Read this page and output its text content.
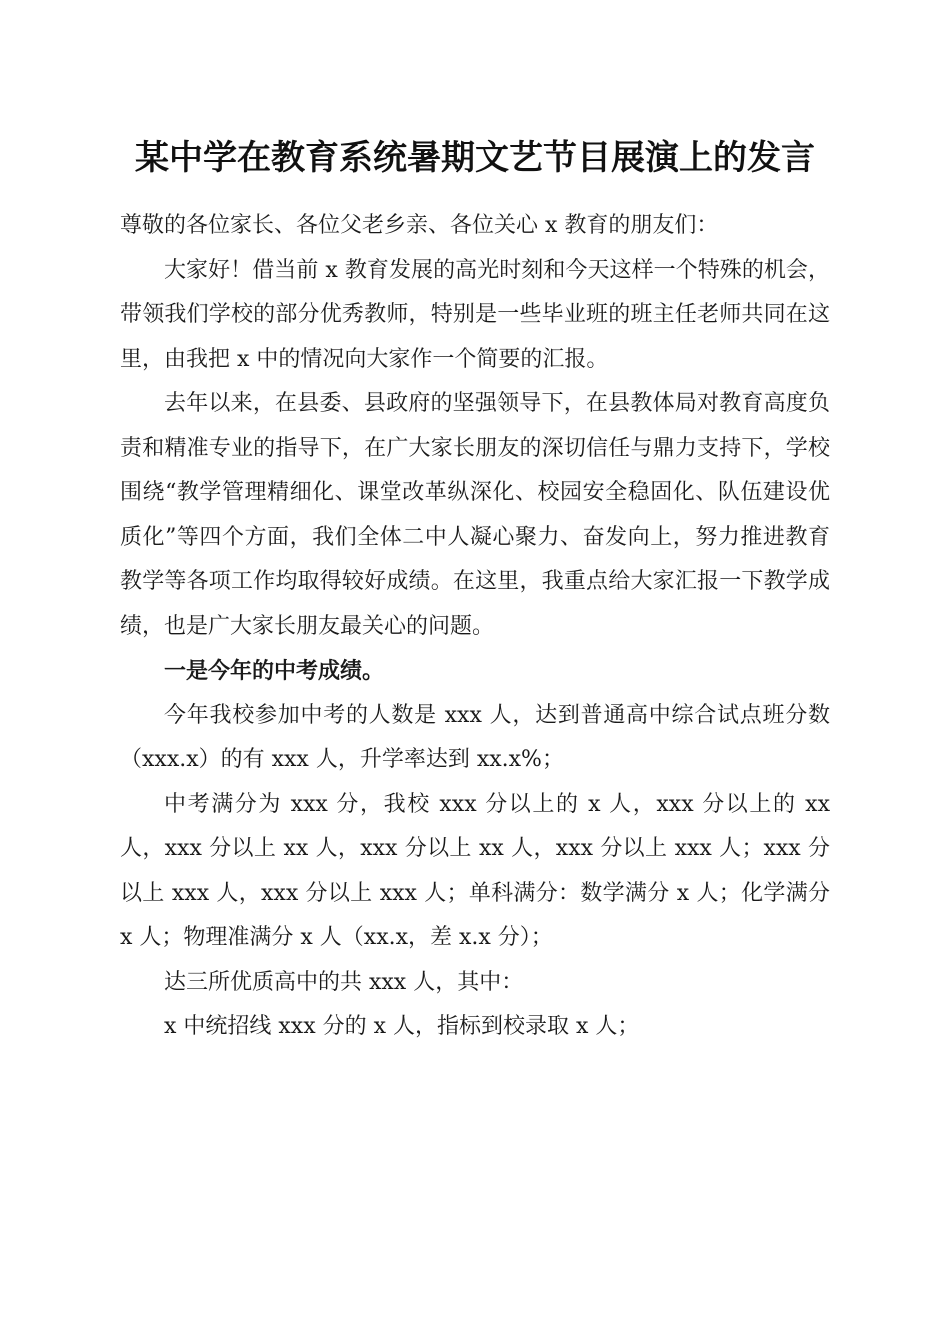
某中学在教育系统暑期文艺节目展演上的发言

尊敬的各位家长、各位父老乡亲、各位关心 x 教育的朋友们：

大家好！借当前 x 教育发展的高光时刻和今天这样一个特殊的机会，带领我们学校的部分优秀教师，特别是一些毕业班的班主任老师共同在这里，由我把 x 中的情况向大家作一个简要的汇报。

去年以来，在县委、县政府的坚强领导下，在县教体局对教育高度负责和精准专业的指导下，在广大家长朋友的深切信任与鼎力支持下，学校围绕“教学管理精细化、课堂改革纵深化、校园安全稳固化、队伍建设优质化”等四个方面，我们全体二中人凝心聚力、奋发向上，努力推进教育教学等各项工作均取得较好成绩。在这里，我重点给大家汇报一下教学成绩，也是广大家长朋友最关心的问题。

一是今年的中考成绩。

今年我校参加中考的人数是 xxx 人，达到普通高中综合试点班分数（xxx.x）的有 xxx 人，升学率达到 xx.x%；

中考满分为 xxx 分，我校 xxx 分以上的 x 人，xxx 分以上的 xx 人，xxx 分以上 xx 人，xxx 分以上 xx 人，xxx 分以上 xxx 人；xxx 分以上 xxx 人，xxx 分以上 xxx 人；单科满分：数学满分 x 人；化学满分 x 人；物理准满分 x 人（xx.x，差 x.x 分）；

达三所优质高中的共 xxx 人，其中：

x 中统招线 xxx 分的 x 人，指标到校录取 x 人；
